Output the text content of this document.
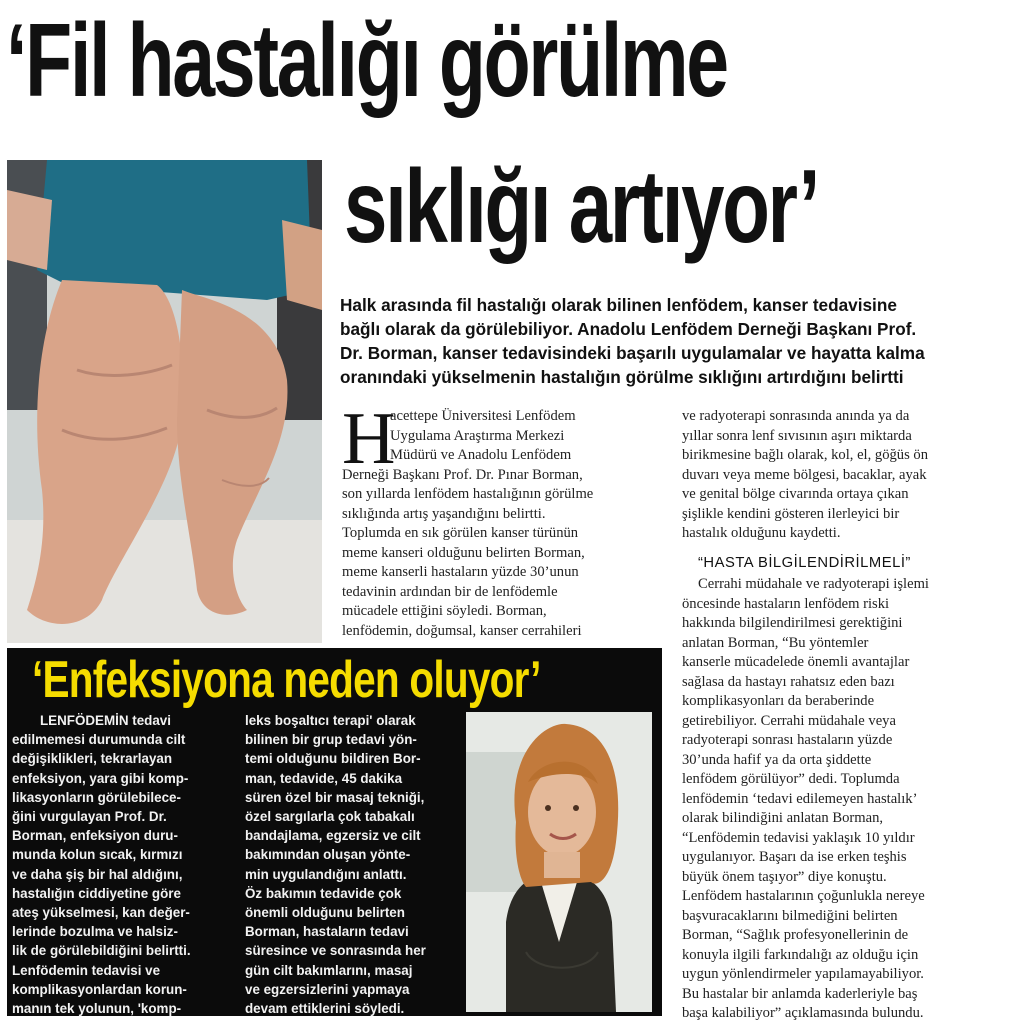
‘Fil hastalığı görülme
sıklığı artıyor’

Halk arasında fil hastalığı olarak bilinen lenfödem, kanser tedavisine

bağlı olarak da görülebiliyor. Anadolu Lenfödem Derneği Başkanı Prof.

Dr. Borman, kanser tedavisindeki başarılı uygulamalar ve hayatta kalma

oranındaki yükselmenin hastalığın görülme sıklığını artırdığını belirtti

H

acettepe Üniversitesi Lenfödem

Uygulama Araştırma Merkezi

Müdürü ve Anadolu Lenfödem

Derneği Başkanı Prof. Dr. Pınar Borman,

son yıllarda lenfödem hastalığının görülme

sıklığında artış yaşandığını belirtti.

Toplumda en sık görülen kanser türünün

meme kanseri olduğunu belirten Borman,

meme kanserli hastaların yüzde 30’unun

tedavinin ardından bir de lenfödemle

mücadele ettiğini söyledi. Borman,

lenfödemin, doğumsal, kanser cerrahileri

ve radyoterapi sonrasında anında ya da

yıllar sonra lenf sıvısının aşırı miktarda

birikmesine bağlı olarak, kol, el, göğüs ön

duvarı veya meme bölgesi, bacaklar, ayak

ve genital bölge civarında ortaya çıkan

şişlikle kendini gösteren ilerleyici bir

hastalık olduğunu kaydetti.

“HASTA BİLGİLENDİRİLMELİ”

Cerrahi müdahale ve radyoterapi işlemi

öncesinde hastaların lenfödem riski

hakkında bilgilendirilmesi gerektiğini

anlatan Borman, “Bu yöntemler

kanserle mücadelede önemli avantajlar

sağlasa da hastayı rahatsız eden bazı

komplikasyonları da beraberinde

getirebiliyor. Cerrahi müdahale veya

radyoterapi sonrası hastaların yüzde

30’unda hafif ya da orta şiddette

lenfödem görülüyor” dedi. Toplumda

lenfödemin ‘tedavi edilemeyen hastalık’

olarak bilindiğini anlatan Borman,

“Lenfödemin tedavisi yaklaşık 10 yıldır

uygulanıyor. Başarı da ise erken teşhis

büyük önem taşıyor” diye konuştu.

Lenfödem hastalarının çoğunlukla nereye

başvuracaklarını bilmediğini belirten

Borman, “Sağlık profesyonellerinin de

konuyla ilgili farkındalığı az olduğu için

uygun yönlendirmeler yapılamayabiliyor.

Bu hastalar bir anlamda kaderleriyle baş

başa kalabiliyor” açıklamasında bulundu.

‘Enfeksiyona neden oluyor’

LENFÖDEMİN tedavi

edilmemesi durumunda cilt

değişiklikleri, tekrarlayan

enfeksiyon, yara gibi komp-

likasyonların görülebilece-

ğini vurgulayan Prof. Dr.

Borman, enfeksiyon duru-

munda kolun sıcak, kırmızı

ve daha şiş bir hal aldığını,

hastalığın ciddiyetine göre

ateş yükselmesi, kan değer-

lerinde bozulma ve halsiz-

lik de görülebildiğini belirtti.

Lenfödemin tedavisi ve

komplikasyonlardan korun-

manın tek yolunun, 'komp-

leks boşaltıcı terapi' olarak

bilinen bir grup tedavi yön-

temi olduğunu bildiren Bor-

man, tedavide, 45 dakika

süren özel bir masaj tekniği,

özel sargılarla çok tabakalı

bandajlama, egzersiz ve cilt

bakımından oluşan yönte-

min uygulandığını anlattı.

Öz bakımın tedavide çok

önemli olduğunu belirten

Borman, hastaların tedavi

süresince ve sonrasında her

gün cilt bakımlarını, masaj

ve egzersizlerini yapmaya

devam ettiklerini söyledi.
